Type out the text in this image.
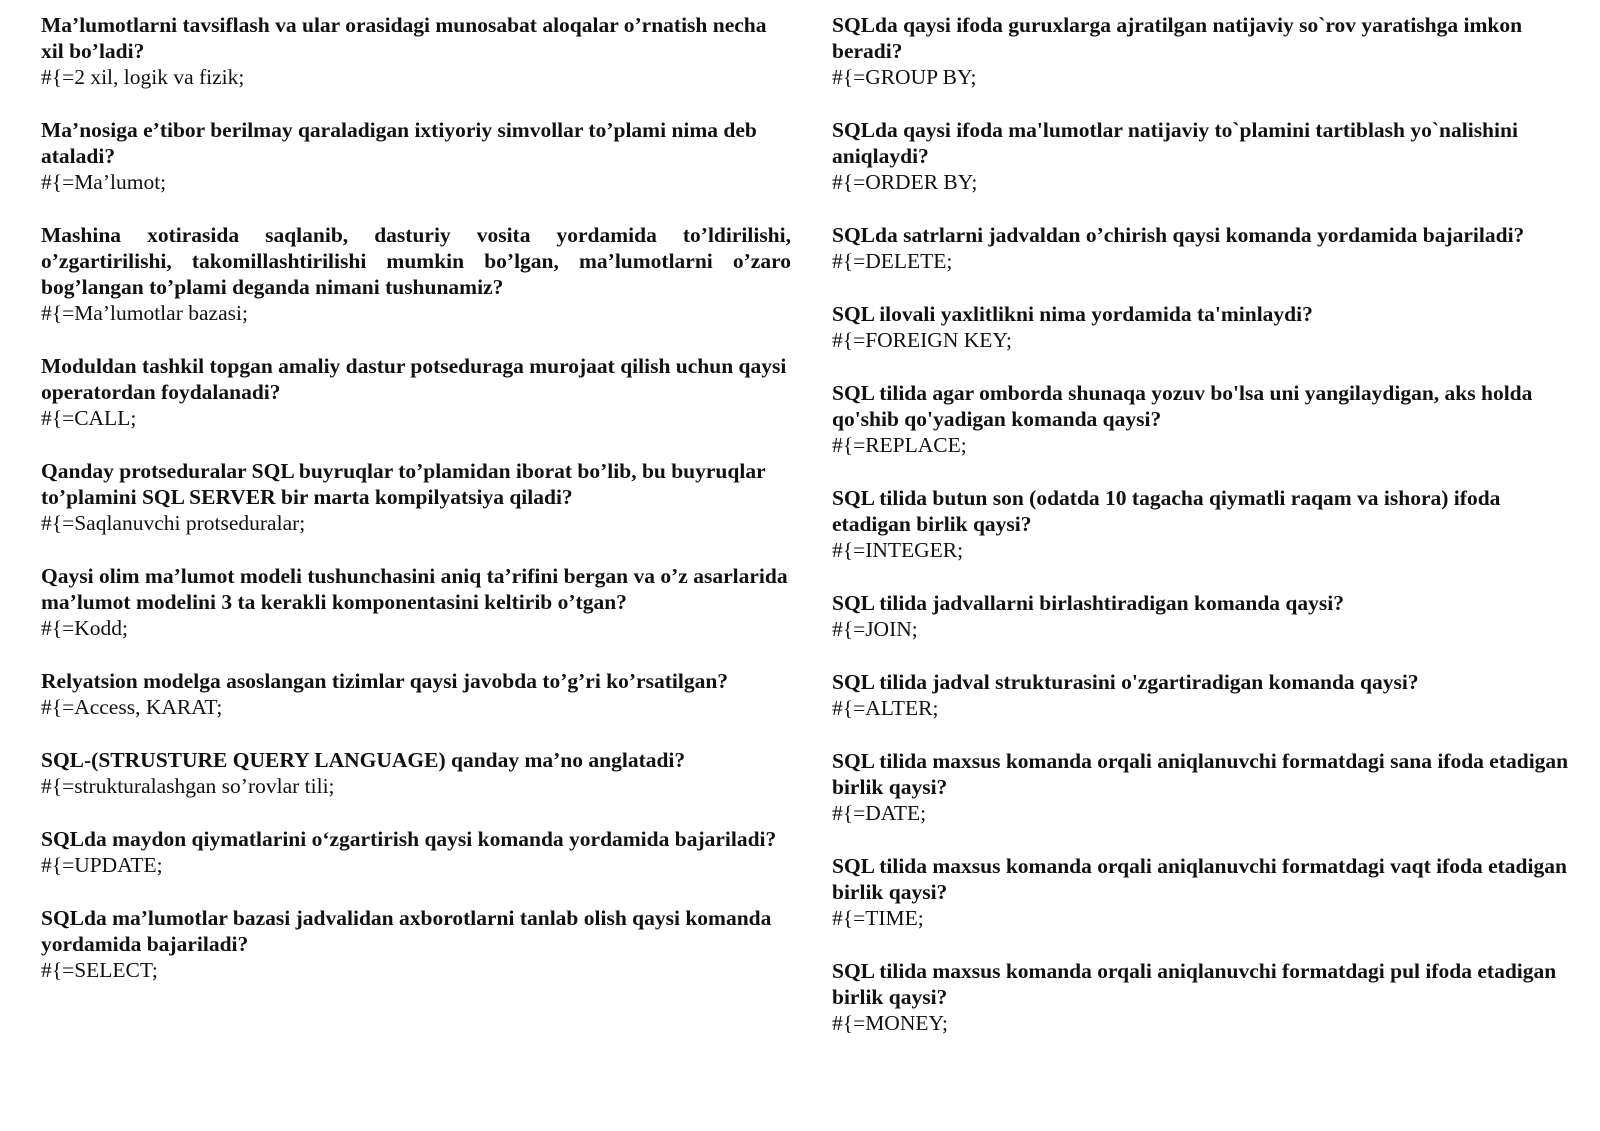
Ma’lumotlarni tavsiflash va ular orasidagi munosabat aloqalar o’rnatish necha xil bo’ladi?

#{=2 xil, logik va fizik;

Ma’nosiga e’tibor berilmay qaraladigan ixtiyoriy simvollar to’plami nima deb ataladi?

#{=Ma’lumot;

Mashina xotirasida saqlanib, dasturiy vosita yordamida to’ldirilishi, o’zgartirilishi, takomillashtirilishi mumkin bo’lgan, ma’lumotlarni o’zaro bog’langan to’plami deganda nimani tushunamiz?

#{=Ma’lumotlar bazasi;

Moduldan tashkil topgan amaliy dastur potseduraga murojaat qilish uchun qaysi operatordan foydalanadi?

#{=CALL;

Qanday protseduralar SQL buyruqlar to’plamidan iborat bo’lib, bu buyruqlar to’plamini SQL SERVER bir marta kompilyatsiya qiladi?

#{=Saqlanuvchi protseduralar;

Qaysi olim ma’lumot modeli tushunchasini aniq ta’rifini bergan va o’z asarlarida ma’lumot modelini 3 ta kerakli komponentasini keltirib o’tgan?

#{=Kodd;

Relyatsion modelga asoslangan tizimlar qaysi javobda to’g’ri ko’rsatilgan?

#{=Access, KARAT;

SQL-(STRUSTURE QUERY LANGUAGE) qanday ma’no anglatadi?

#{=strukturalashgan so’rovlar tili;

SQLda maydon qiymatlarini o‘zgartirish qaysi komanda yordamida bajariladi?

#{=UPDATE;

SQLda ma’lumotlar bazasi jadvalidan axborotlarni tanlab olish qaysi komanda yordamida bajariladi?

#{=SELECT;

SQLda qaysi ifoda guruxlarga ajratilgan natijaviy so`rov yaratishga imkon beradi?

#{=GROUP BY;

SQLda qaysi ifoda ma'lumotlar natijaviy to`plamini tartiblash yo`nalishini aniqlaydi?

#{=ORDER BY;

SQLda satrlarni jadvaldan o’chirish qaysi komanda yordamida bajariladi?

#{=DELETE;

SQL ilovali yaxlitlikni nima yordamida ta'minlaydi?

#{=FOREIGN KEY;

SQL tilida agar omborda shunaqa yozuv bo'lsa uni yangilaydigan, aks holda qo'shib qo'yadigan komanda qaysi?

#{=REPLACE;

SQL tilida butun son (odatda 10 tagacha qiymatli raqam va ishora) ifoda etadigan birlik qaysi?

#{=INTEGER;

SQL tilida jadvallarni birlashtiradigan komanda qaysi?

#{=JOIN;

SQL tilida jadval strukturasini o'zgartiradigan komanda qaysi?

#{=ALTER;

SQL tilida maxsus komanda orqali aniqlanuvchi formatdagi sana ifoda etadigan birlik qaysi?

#{=DATE;

SQL tilida maxsus komanda orqali aniqlanuvchi formatdagi vaqt ifoda etadigan birlik qaysi?

#{=TIME;

SQL tilida maxsus komanda orqali aniqlanuvchi formatdagi pul ifoda etadigan birlik qaysi?

#{=MONEY;
